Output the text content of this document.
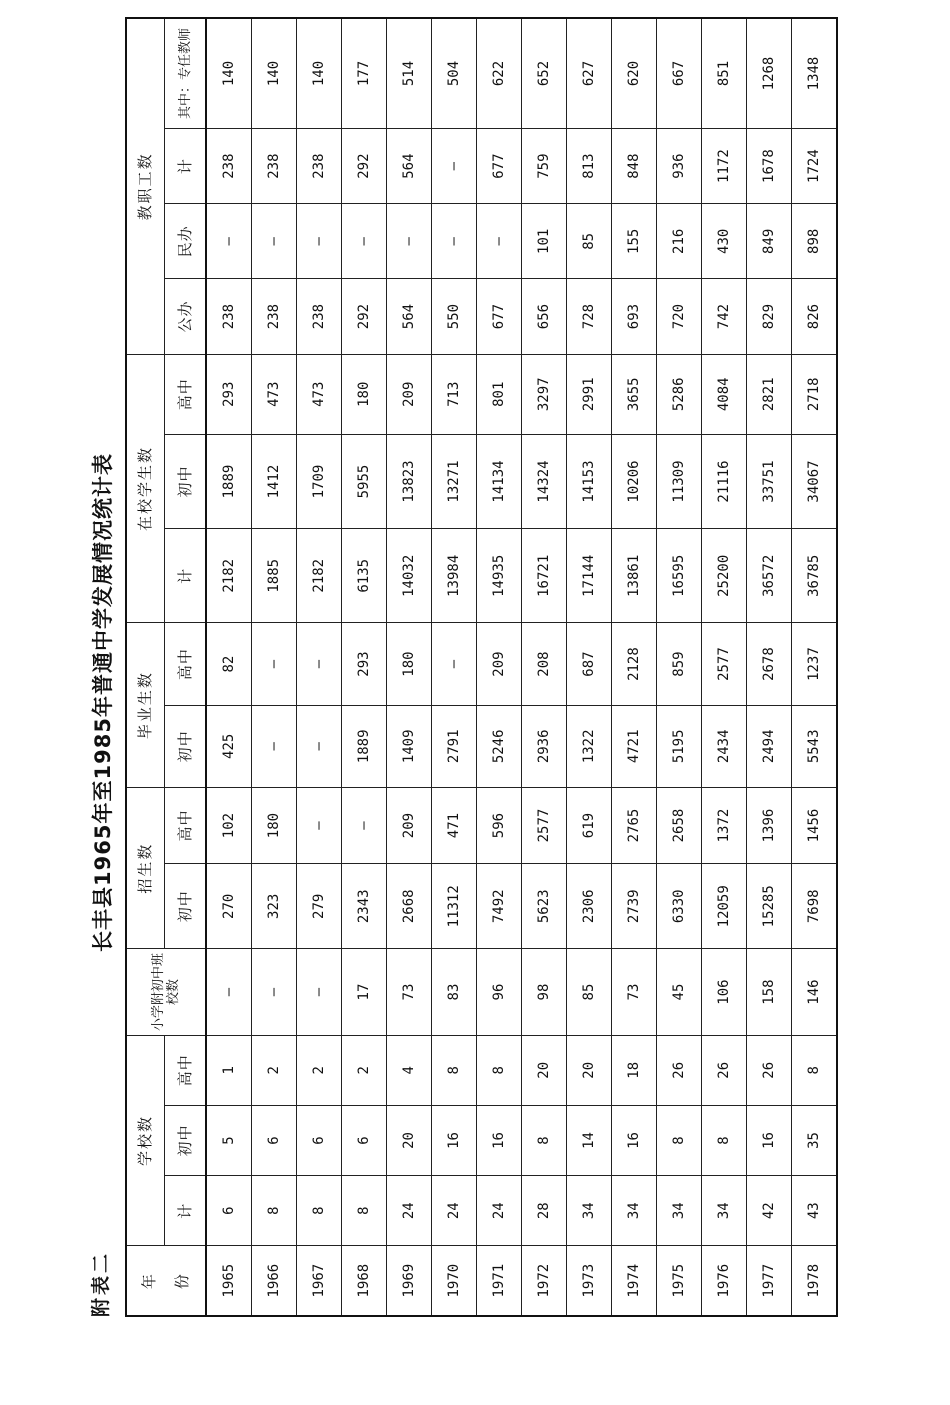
附表二
长丰县1965年至1985年普通中学发展情况统计表
年 份	学校数			小学附初中班校数	招生数		毕业生数		在校学生数			教职工数			
	计	初中	高中		初中	高中	初中	高中	计	初中	高中	公办	民办	计	其中：专任教师
1965	6	5	1	—	270	102	425	82	2182	1889	293	238	—	238	140
1966	8	6	2	—	323	180	—	—	1885	1412	473	238	—	238	140
1967	8	6	2	—	279	—	—	—	2182	1709	473	238	—	238	140
1968	8	6	2	17	2343	—	1889	293	6135	5955	180	292	—	292	177
1969	24	20	4	73	2668	209	1409	180	14032	13823	209	564	—	564	514
1970	24	16	8	83	11312	471	2791	—	13984	13271	713	550	—	—	504
1971	24	16	8	96	7492	596	5246	209	14935	14134	801	677	—	677	622
1972	28	8	20	98	5623	2577	2936	208	16721	14324	3297	656	101	759	652
1973	34	14	20	85	2306	619	1322	687	17144	14153	2991	728	85	813	627
1974	34	16	18	73	2739	2765	4721	2128	13861	10206	3655	693	155	848	620
1975	34	8	26	45	6330	2658	5195	859	16595	11309	5286	720	216	936	667
1976	34	8	26	106	12059	1372	2434	2577	25200	21116	4084	742	430	1172	851
1977	42	16	26	158	15285	1396	2494	2678	36572	33751	2821	829	849	1678	1268
1978	43	35	8	146	7698	1456	5543	1237	36785	34067	2718	826	898	1724	1348
